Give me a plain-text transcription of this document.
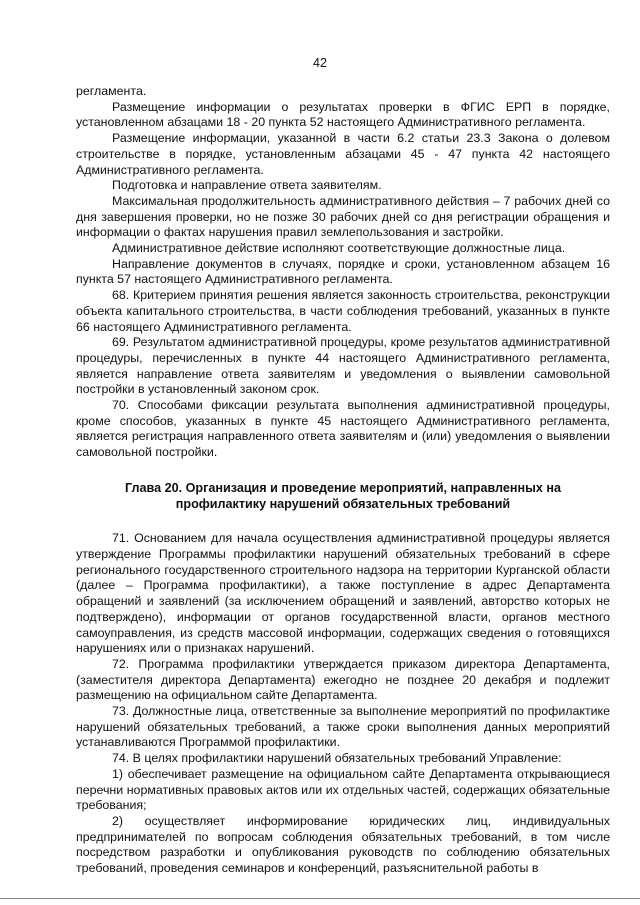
42

регламента.

Размещение информации о результатах проверки в ФГИС ЕРП в порядке, установленном абзацами 18 - 20 пункта 52 настоящего Административного регламента.

Размещение информации, указанной в части 6.2 статьи 23.3 Закона о долевом строительстве в порядке, установленным абзацами 45 - 47 пункта 42 настоящего Административного регламента.

Подготовка и направление ответа заявителям.

Максимальная продолжительность административного действия – 7 рабочих дней со дня завершения проверки, но не позже 30 рабочих дней со дня регистрации обращения и информации о фактах нарушения правил землепользования и застройки.

Административное действие исполняют соответствующие должностные лица.

Направление документов в случаях, порядке и сроки, установленном абзацем 16 пункта 57 настоящего Административного регламента.

68. Критерием принятия решения является законность строительства, реконструкции объекта капитального строительства, в части соблюдения требований, указанных в пункте 66 настоящего Административного регламента.

69. Результатом административной процедуры, кроме результатов административной процедуры, перечисленных в пункте 44 настоящего Административного регламента, является направление ответа заявителям и уведомления о выявлении самовольной постройки в установленный законом срок.

70. Способами фиксации результата выполнения административной процедуры, кроме способов, указанных в пункте 45 настоящего Административного регламента, является регистрация направленного ответа заявителям и (или) уведомления о выявлении самовольной постройки.

Глава 20. Организация и проведение мероприятий, направленных на
профилактику нарушений обязательных требований

71. Основанием для начала осуществления административной процедуры является утверждение Программы профилактики нарушений обязательных требований в сфере регионального государственного строительного надзора на территории Курганской области (далее – Программа профилактики), а также поступление в адрес Департамента обращений и заявлений (за исключением обращений и заявлений, авторство которых не подтверждено), информации от органов государственной власти, органов местного самоуправления, из средств массовой информации, содержащих сведения о готовящихся нарушениях или о признаках нарушений.

72. Программа профилактики утверждается приказом директора Департамента, (заместителя директора Департамента) ежегодно не позднее 20 декабря и подлежит размещению на официальном сайте Департамента.

73. Должностные лица, ответственные за выполнение мероприятий по профилактике нарушений обязательных требований, а также сроки выполнения данных мероприятий устанавливаются Программой профилактики.

74. В целях профилактики нарушений обязательных требований Управление:

1) обеспечивает размещение на официальном сайте Департамента открывающиеся перечни нормативных правовых актов или их отдельных частей, содержащих обязательные требования;

2) осуществляет информирование юридических лиц, индивидуальных предпринимателей по вопросам соблюдения обязательных требований, в том числе посредством разработки и опубликования руководств по соблюдению обязательных требований, проведения семинаров и конференций, разъяснительной работы в
